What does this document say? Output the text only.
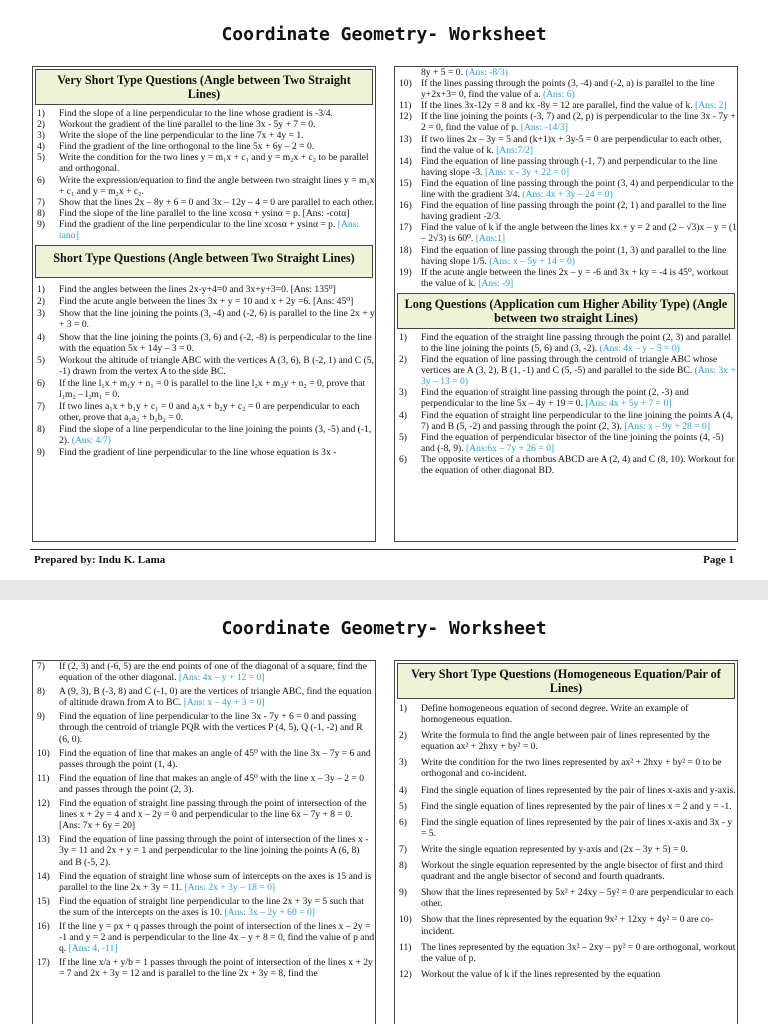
Coordinate Geometry- Worksheet
Very Short Type Questions (Angle between Two Straight Lines)
1) Find the slope of a line perpendicular to the line whose gradient is -3/4.
2) Workout the gradient of the line parallel to the line 3x - 5y + 7 = 0.
3) Write the slope of the line perpendicular to the line 7x + 4y = 1.
4) Find the gradient of the line orthogonal to the line 5x + 6y – 2 = 0.
5) Write the condition for the two lines y = m₁x + c₁ and y = m₂x + c₂ to be parallel and orthogonal.
6) Write the expression/equation to find the angle between two straight lines y = m₁x + c₁ and y = m₂x + c₂.
7) Show that the lines 2x – 8y + 6 = 0 and 3x – 12y – 4 = 0 are parallel to each other.
8) Find the slope of the line parallel to the line xcosα + ysinα = p. [Ans: -cotα]
9) Find the gradient of the line perpendicular to the line xcosα + ysinα = p. [Ans: tanα]
Short Type Questions (Angle between Two Straight Lines)
1) Find the angles between the lines 2x-y+4=0 and 3x+y+3=0. [Ans: 135⁰]
2) Find the acute angle between the lines 3x + y = 10 and x + 2y =6. [Ans: 45⁰]
3) Show that the line joining the points (3, -4) and (-2, 6) is parallel to the line 2x + y + 3 = 0.
4) Show that the line joining the points (3, 6) and (-2, -8) is perpendicular to the line with the equation 5x + 14y – 3 = 0.
5) Workout the altitude of triangle ABC with the vertices A (3, 6), B (-2, 1) and C (5, -1) drawn from the vertex A to the side BC.
6) If the line l₁x + m₁y + n₁ = 0 is parallel to the line l₂x + m₂y + n₂ = 0, prove that l₁m₂ – l₂m₁ = 0.
7) If two lines a₁x + b₁y + c₁ = 0 and a₂x + b₂y + c₂ = 0 are perpendicular to each other, prove that a₁a₂ + b₁b₂ = 0.
8) Find the slope of a line perpendicular to the line joining the points (3, -5) and (-1, 2). (Ans: 4/7)
9) Find the gradient of line perpendicular to the line whose equation is 3x -
8y + 5 = 0. (Ans: -8/3)
10) If the lines passing through the points (3, -4) and (-2, a) is parallel to the line y+2x+3= 0, find the value of a. (Ans: 6)
11) If the lines 3x-12y = 8 and kx -8y = 12 are parallel, find the value of k. [Ans: 2]
12) If the line joining the points (-3, 7) and (2, p) is perpendicular to the line 3x - 7y + 2 = 0, find the value of p. [Ans: -14/3]
13) If two lines 2x – 3y = 5 and (k+1)x + 3y-5 = 0 are perpendicular to each other, find the value of k. [Ans:7/2]
14) Find the equation of line passing through (-1, 7) and perpendicular to the line having slope -3. [Ans: x - 3y + 22 = 0]
15) Find the equation of line passing through the point (3, 4) and perpendicular to the line with the gradient 3/4. (Ans: 4x + 3y – 24 = 0)
16) Find the equation of line passing through the point (2, 1) and parallel to the line having gradient -2/3.
17) Find the value of k if the angle between the lines kx + y = 2 and (2 – √3)x – y = (1 – 2√3) is 60⁰. [Ans:1]
18) Find the equation of line passing through the point (1, 3) and parallel to the line having slope 1/5. (Ans: x – 5y + 14 = 0)
19) If the acute angle between the lines 2x – y = -6 and 3x + ky = -4 is 45⁰, workout the value of k. [Ans: -9]
Long Questions (Application cum Higher Ability Type) (Angle between two straight Lines)
1) Find the equation of the straight line passing through the point (2, 3) and parallel to the line joining the points (5, 6) and (3, -2). (Ans: 4x – y – 5 = 0)
2) Find the equation of line passing through the centroid of triangle ABC whose vertices are A (3, 2), B (1, -1) and C (5, -5) and parallel to the side BC. (Ans: 3x + 3y – 13 = 0)
3) Find the equation of straight line passing through the point (2, -3) and perpendicular to the line 5x – 4y + 19 = 0. [Ans: 4x + 5y + 7 = 0]
4) Find the equation of straight line perpendicular to the line joining the points A (4, 7) and B (5, -2) and passing through the point (2, 3). [Ans: x – 9y + 28 = 0]
5) Find the equation of perpendicular bisector of the line joining the points (4, -5) and (-8, 9). [Ans:6x – 7y + 26 = 0]
6) The opposite vertices of a rhombus ABCD are A (2, 4) and C (8, 10). Workout for the equation of other diagonal BD.
Prepared by: Indu K. Lama	Page 1
Coordinate Geometry- Worksheet
7) If (2, 3) and (-6, 5) are the end points of one of the diagonal of a square, find the equation of the other diagonal. [Ans: 4x – y + 12 = 0]
8) A (9, 3), B (-3, 8) and C (-1, 0) are the vertices of triangle ABC, find the equation of altitude drawn from A to BC. [Ans: x – 4y + 3 = 0]
9) Find the equation of line perpendicular to the line 3x - 7y + 6 = 0 and passing through the centroid of triangle PQR with the vertices P (4, 5), Q (-1, -2) and R (6, 0).
10) Find the equation of line that makes an angle of 45⁰ with the line 3x – 7y = 6 and passes through the point (1, 4).
11) Find the equation of line that makes an angle of 45⁰ with the line x – 3y – 2 = 0 and passes through the point (2, 3).
12) Find the equation of straight line passing through the point of intersection of the lines x + 2y = 4 and x – 2y = 0 and perpendicular to the line 6x – 7y + 8 = 0. [Ans: 7x + 6y = 20]
13) Find the equation of line passing through the point of intersection of the lines x - 3y = 11 and 2x + y = 1 and perpendicular to the line joining the points A (6, 8) and B (-5, 2).
14) Find the equation of straight line whose sum of intercepts on the axes is 15 and is parallel to the line 2x + 3y = 11. [Ans: 2x + 3y – 18 = 0]
15) Find the equation of straight line perpendicular to the line 2x + 3y = 5 such that the sum of the intercepts on the axes is 10. [Ans: 3x – 2y + 60 = 0]
16) If the line y = px + q passes through the point of intersection of the lines x – 2y = -1 and y = 2 and is perpendicular to the line 4x – y + 8 = 0, find the value of p and q. [Ans: 4, -11]
17) If the line x/a + y/b = 1 passes through the point of intersection of the lines x + 2y = 7 and 2x + 3y = 12 and is parallel to the line 2x + 3y = 8, find the
Very Short Type Questions (Homogeneous Equation/Pair of Lines)
1) Define homogeneous equation of second degree. Write an example of homogeneous equation.
2) Write the formula to find the angle between pair of lines represented by the equation ax² + 2hxy + by² = 0.
3) Write the condition for the two lines represented by ax² + 2hxy + by² = 0 to be orthogonal and co-incident.
4) Find the single equation of lines represented by the pair of lines x-axis and y-axis.
5) Find the single equation of lines represented by the pair of lines x = 2 and y = -1.
6) Find the single equation of lines represented by the pair of lines x-axis and 3x - y = 5.
7) Write the single equation represented by y-axis and (2x – 3y + 5) = 0.
8) Workout the single equation represented by the angle bisector of first and third quadrant and the angle bisector of second and fourth quadrants.
9) Show that the lines represented by 5x² + 24xy – 5y² = 0 are perpendicular to each other.
10) Show that the lines represented by the equation 9x² + 12xy + 4y² = 0 are co-incident.
11) The lines represented by the equation 3x² – 2xy – py² = 0 are orthogonal, workout the value of p.
12) Workout the value of k if the lines represented by the equation
